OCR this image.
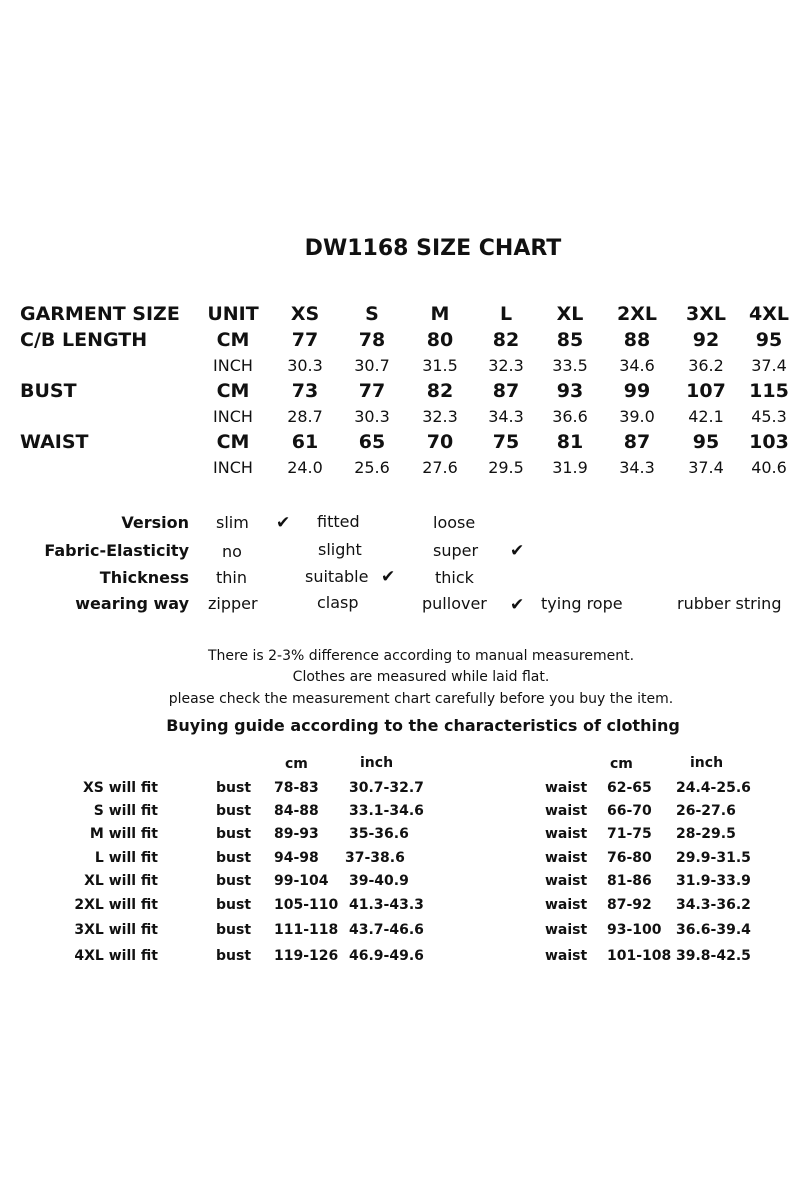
DW1168 SIZE CHART
GARMENT SIZE UNIT XS S	M	L XL 2XL 3XL 4XL
C/B LENGTH	CM 77 78 80 82 85 88 92 95
INCH 30.3 30.7 31.5 32.3 33.5 34.6 36.2 37.4
BUST	CM 73 77 82 87 93 99 107 115
INCH 28.7 30.3 32.3 34.3 36.6 39.0 42.1 45.3
WAIST	CM 61 65 70 75 81 87 95 103
INCH 24.0 25.6 27.6 29.5 31.9 34.3 37.4 40.6
Version slim ✔ fitted	loose
Fabric-Elasticity no	slight	super ✔
Thickness thin	suitable ✔ thick
wearing way zipper	clasp	pullover ✔ tying rope	rubber string
There is 2-3% difference according to manual measurement.
Clothes are measured while laid flat.
please check the measurement chart carefully before you buy the item.
Buying guide according to the characteristics of clothing
cm	inch	cm	inch
XS will fit	bust 78-83 30.7-32.7	waist 62-65 24.4-25.6
S will fit	bust 84-88 33.1-34.6	waist 66-70 26-27.6
M will fit	bust 89-93 35-36.6	waist 71-75 28-29.5
L will fit	bust 94-98 37-38.6	waist 76-80 29.9-31.5
XL will fit	bust 99-104 39-40.9	waist 81-86 31.9-33.9
2XL will fit	bust 105-110 41.3-43.3	waist 87-92 34.3-36.2
3XL will fit	bust 111-118 43.7-46.6	waist 93-100 36.6-39.4
4XL will fit	bust 119-126 46.9-49.6	waist 101-108 39.8-42.5
